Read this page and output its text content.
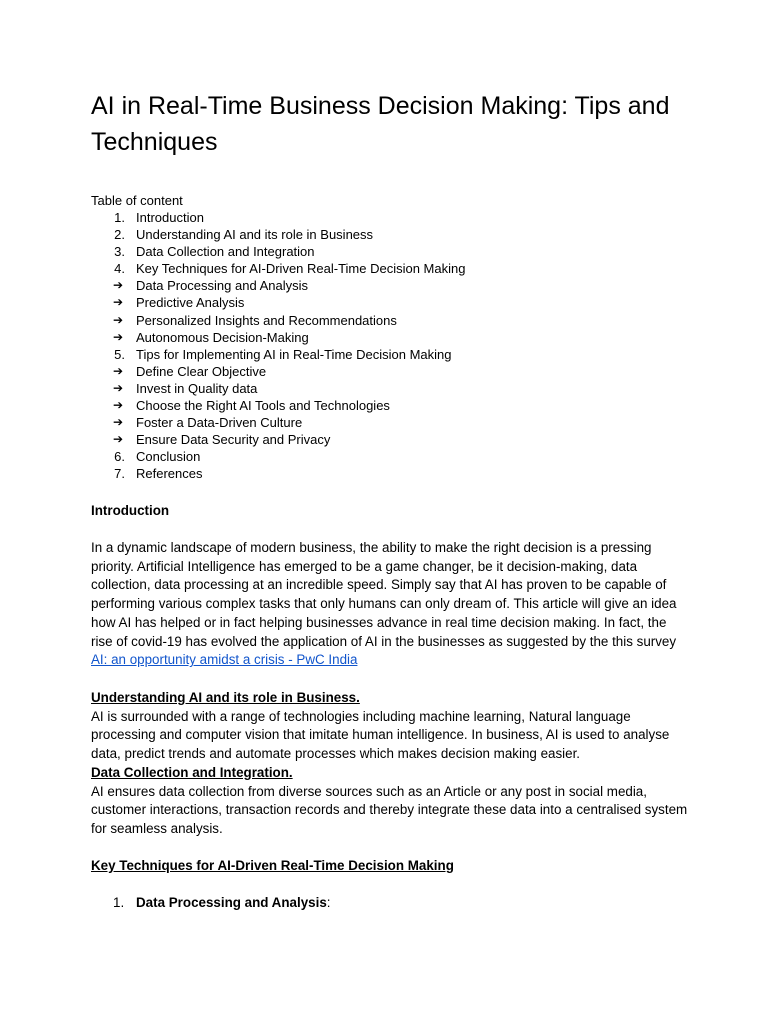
AI in Real-Time Business Decision Making: Tips and Techniques
Table of content
1. Introduction
2. Understanding AI and its role in Business
3. Data Collection and Integration
4. Key Techniques for AI-Driven Real-Time Decision Making
➔ Data Processing and Analysis
➔ Predictive Analysis
➔ Personalized Insights and Recommendations
➔ Autonomous Decision-Making
5. Tips for Implementing AI in Real-Time Decision Making
➔ Define Clear Objective
➔ Invest in Quality data
➔ Choose the Right AI Tools and Technologies
➔ Foster a Data-Driven Culture
➔ Ensure Data Security and Privacy
6. Conclusion
7. References
Introduction
In a dynamic landscape of modern business, the ability to make the right decision is a pressing priority. Artificial Intelligence has emerged to be a game changer, be it decision-making, data collection, data processing at an incredible speed. Simply say that AI has proven to be capable of performing various complex tasks that only humans can only dream of. This article will give an idea how AI has helped or in fact helping businesses advance in real time decision making. In fact, the rise of covid-19 has evolved the application of AI in the businesses as suggested by the this survey AI: an opportunity amidst a crisis - PwC India
Understanding AI and its role in Business.
AI is surrounded with a range of technologies including machine learning, Natural language processing and computer vision that imitate human intelligence. In business, AI is used to analyse data, predict trends and automate processes which makes decision making easier.
Data Collection and Integration.
AI ensures data collection from diverse sources such as an Article or any post in social media, customer interactions, transaction records and thereby integrate these data into a centralised system for seamless analysis.
Key Techniques for AI-Driven Real-Time Decision Making
1. Data Processing and Analysis:
